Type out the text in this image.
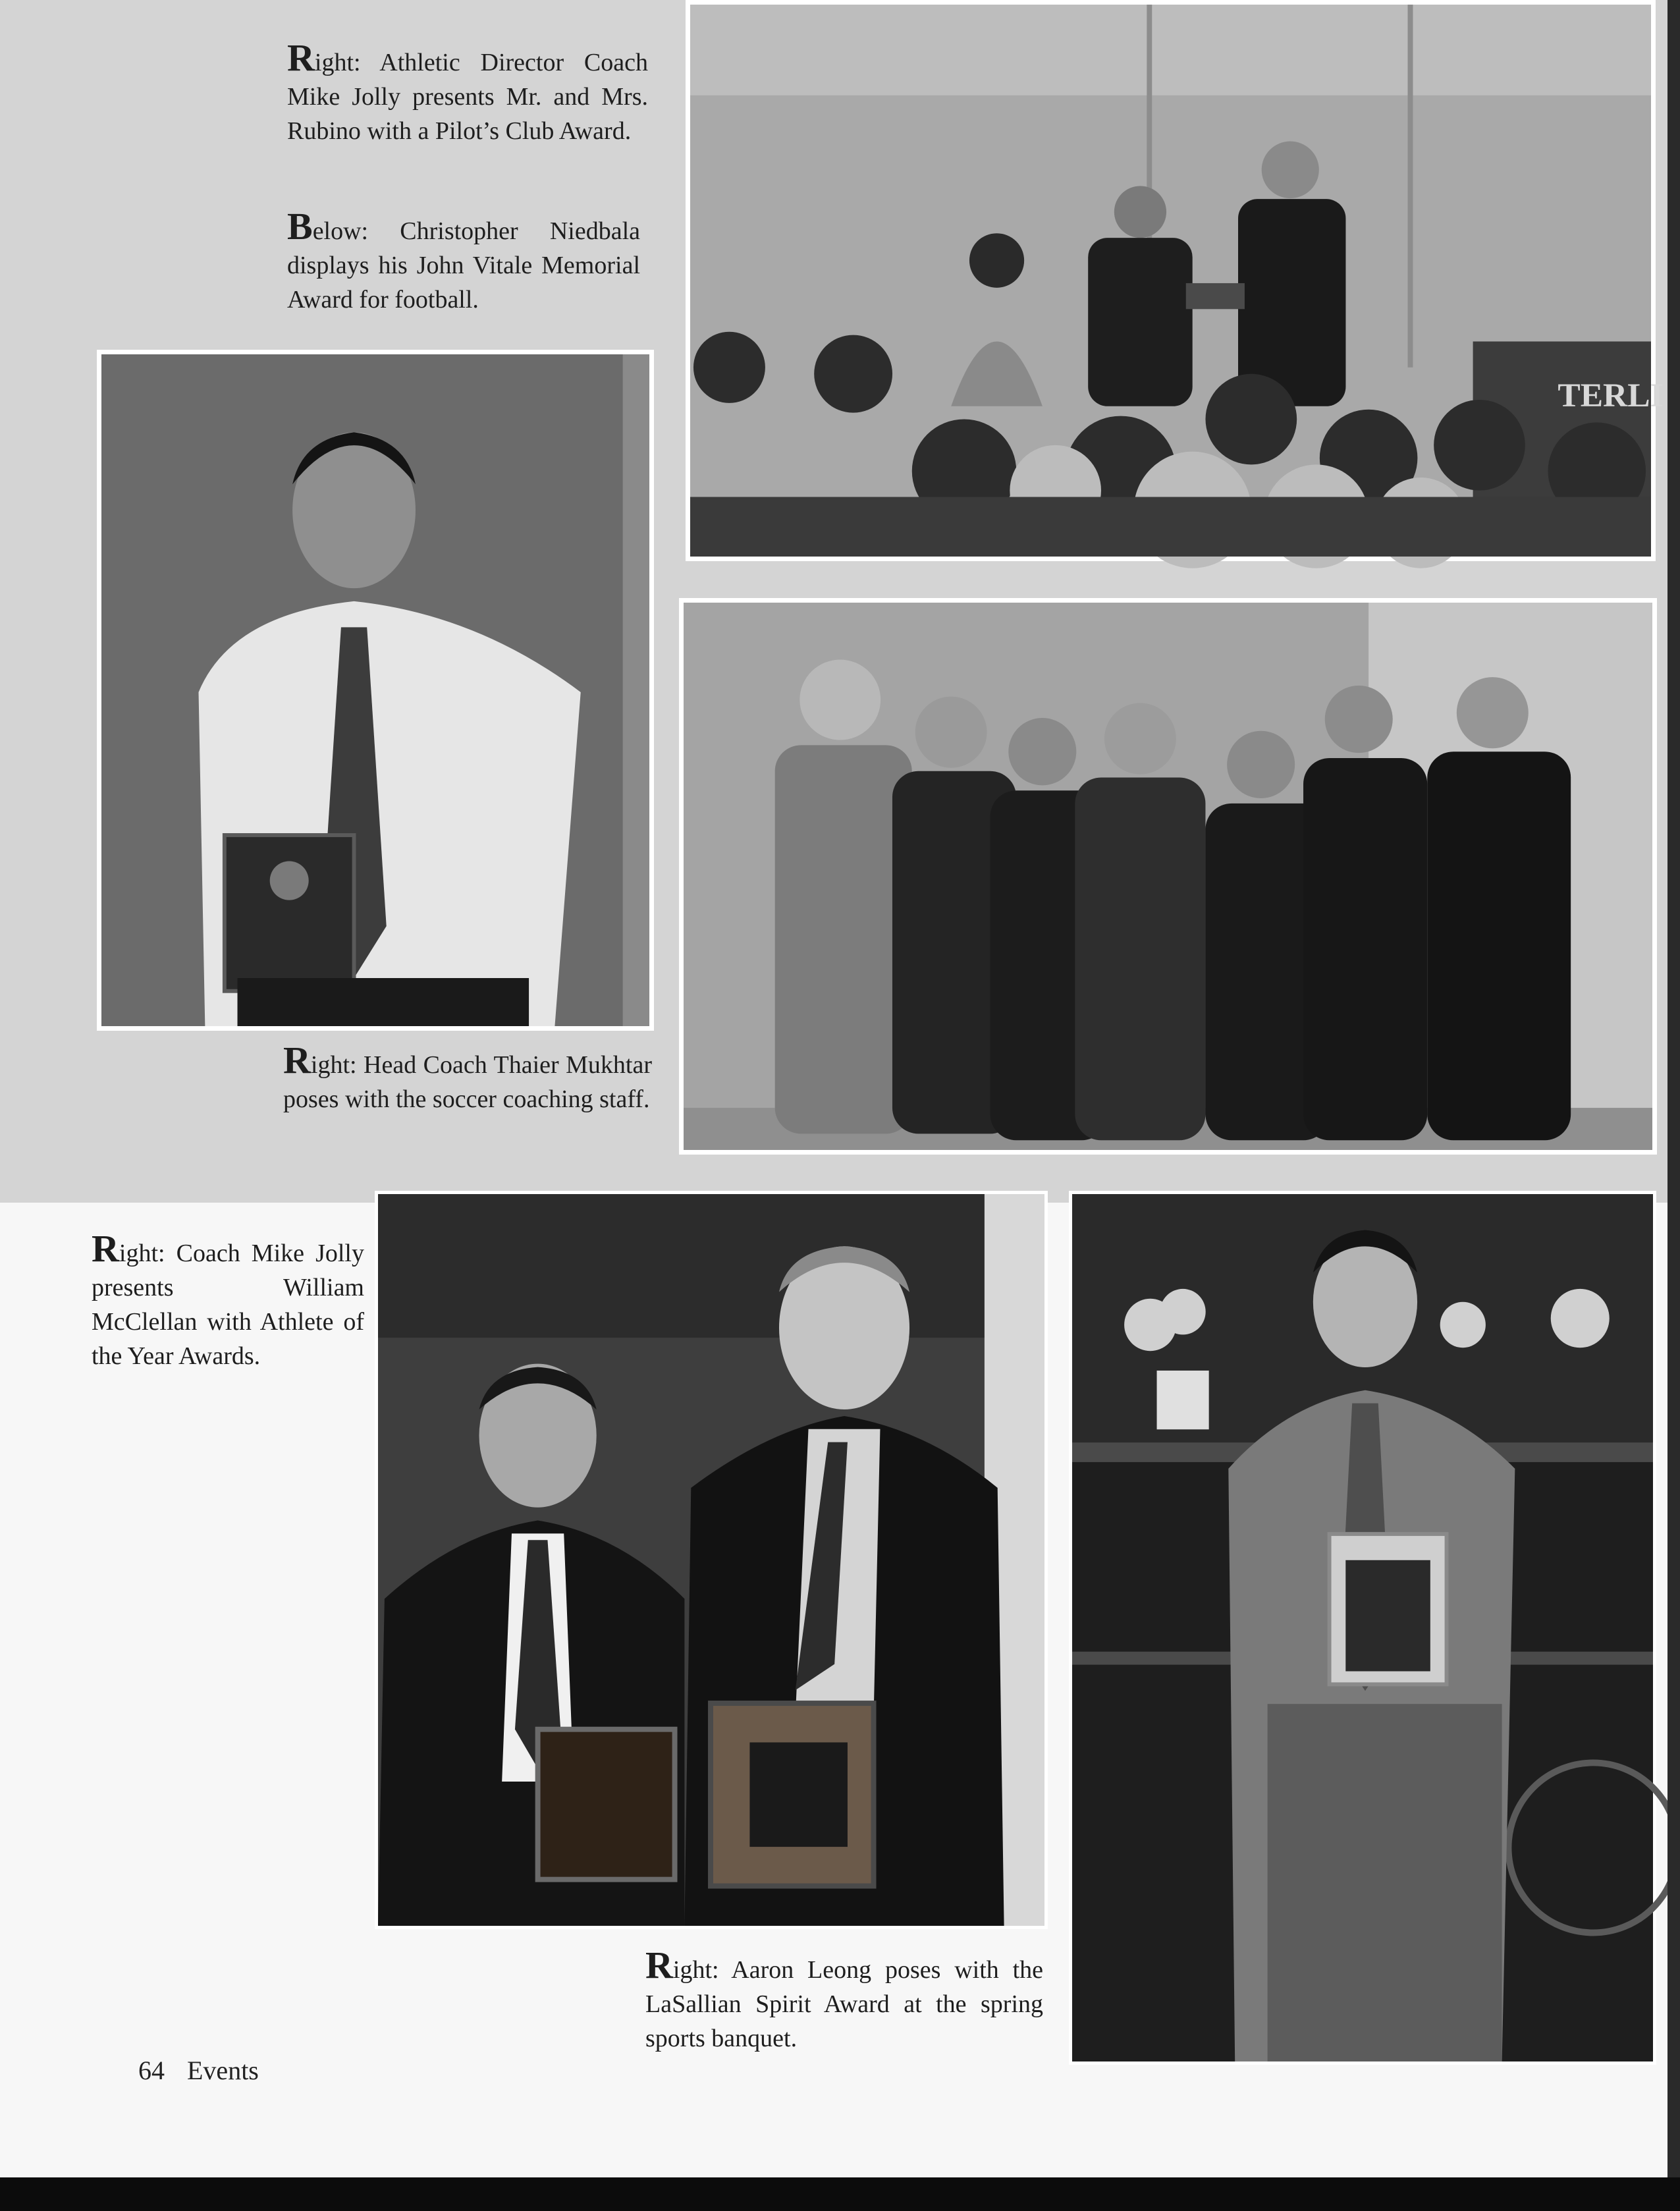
Right: Athletic Director Coach Mike Jolly presents Mr. and Mrs. Rubino with a Pilot’s Club Award.
Below: Christopher Niedbala displays his John Vitale Memorial Award for football.
TERLI
Right: Head Coach Thaier Mukhtar poses with the soccer coaching staff.
Right: Coach Mike Jolly presents William McClellan with Athlete of the Year Awards.
Right: Aaron Leong poses with the LaSallian Spirit Award at the spring sports banquet.
64 Events
